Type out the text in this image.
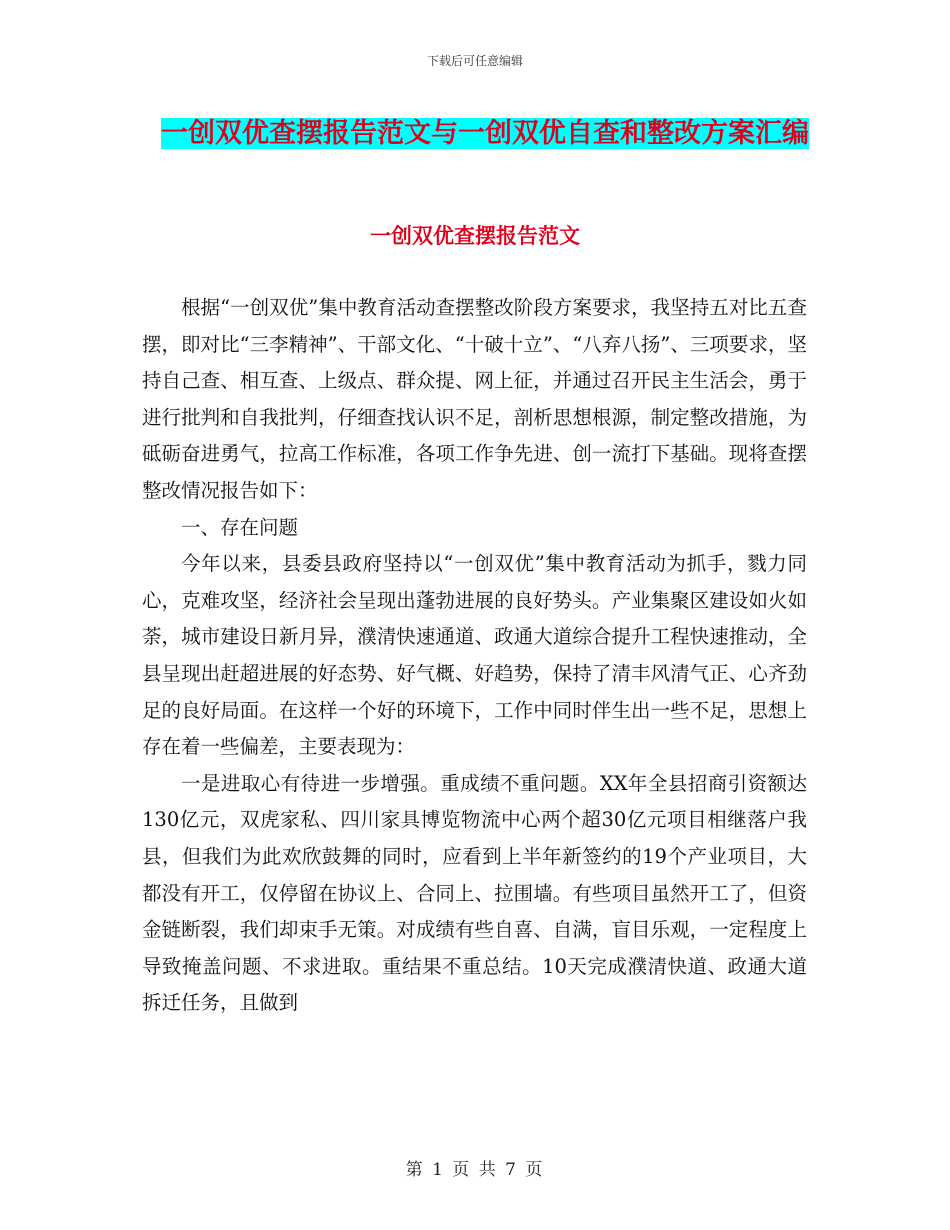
下载后可任意编辑
一创双优查摆报告范文与一创双优自查和整改方案汇编
一创双优查摆报告范文

根据“一创双优”集中教育活动查摆整改阶段方案要求，我坚持五对比五查摆，即对比“三李精神”、干部文化、“十破十立”、“八弃八扬”、三项要求，坚持自己查、相互查、上级点、群众提、网上征，并通过召开民主生活会，勇于进行批判和自我批判，仔细查找认识不足，剖析思想根源，制定整改措施，为砥砺奋进勇气，拉高工作标准，各项工作争先进、创一流打下基础。现将查摆整改情况报告如下：

一、存在问题

今年以来，县委县政府坚持以“一创双优”集中教育活动为抓手，戮力同心，克难攻坚，经济社会呈现出蓬勃进展的良好势头。产业集聚区建设如火如荼，城市建设日新月异，濮清快速通道、政通大道综合提升工程快速推动，全县呈现出赶超进展的好态势、好气概、好趋势，保持了清丰风清气正、心齐劲足的良好局面。在这样一个好的环境下，工作中同时伴生出一些不足，思想上存在着一些偏差，主要表现为：

一是进取心有待进一步增强。重成绩不重问题。XX年全县招商引资额达130亿元，双虎家私、四川家具博览物流中心两个超30亿元项目相继落户我县，但我们为此欢欣鼓舞的同时，应看到上半年新签约的19个产业项目，大都没有开工，仅停留在协议上、合同上、拉围墙。有些项目虽然开工了，但资金链断裂，我们却束手无策。对成绩有些自喜、自满，盲目乐观，一定程度上导致掩盖问题、不求进取。重结果不重总结。10天完成濮清快道、政通大道拆迁任务，且做到

第 1 页 共 7 页
